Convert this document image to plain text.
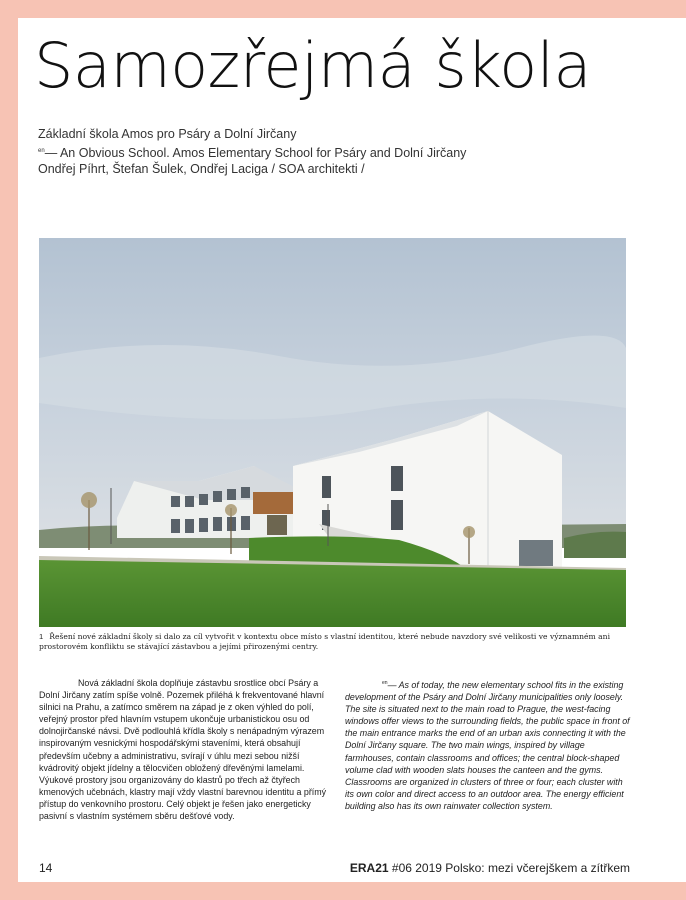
Samozřejmá škola
Základní škola Amos pro Psáry a Dolní Jirčany
$^{en}$— An Obvious School. Amos Elementary School for Psáry and Dolní Jirčany
Ondřej Píhrt, Štefan Šulek, Ondřej Laciga / SOA architekti /
1 Řešení nové základní školy si dalo za cíl vytvořit v kontextu obce místo s vlastní identitou, které nebude navzdory své velikosti ve významném ani prostorovém konfliktu se stávající zástavbou a jejími přirozenými centry.

Nová základní škola doplňuje zástavbu srostlice obcí Psáry a Dolní Jirčany zatím spíše volně. Pozemek přiléhá k frekventované hlavní silnici na Prahu, a zatímco směrem na západ je z oken výhled do polí, veřejný prostor před hlavním vstupem ukončuje urbanistickou osu od dolnojirčanské návsi. Dvě podlouhlá křídla školy s nenápadným výrazem inspirovaným vesnickými hospodářskými staveními, která obsahují především učebny a administrativu, svírají v úhlu mezi sebou nižší kvádrovitý objekt jídelny a tělocvičen obložený dřevěnými lamelami. Výukové prostory jsou organizovány do klastrů po třech až čtyřech kmenových učebnách, klastry mají vždy vlastní barevnou identitu a přímý přístup do venkovního prostoru. Celý objekt je řešen jako energeticky pasivní s vlastním systémem sběru dešťové vody.

$^{en}$— As of today, the new elementary school fits in the existing development of the Psáry and Dolní Jirčany municipalities only loosely. The site is situated next to the main road to Prague, the west-facing windows offer views to the surrounding fields, the public space in front of the main entrance marks the end of an urban axis connecting it with the Dolní Jirčany square. The two main wings, inspired by village farmhouses, contain classrooms and offices; the central block-shaped volume clad with wooden slats houses the canteen and the gyms. Classrooms are organized in clusters of three or four; each cluster with its own color and direct access to an outdoor area. The energy efficient building also has its own rainwater collection system.

14	ERA21 #06 2019 Polsko: mezi včerejškem a zítřkem
